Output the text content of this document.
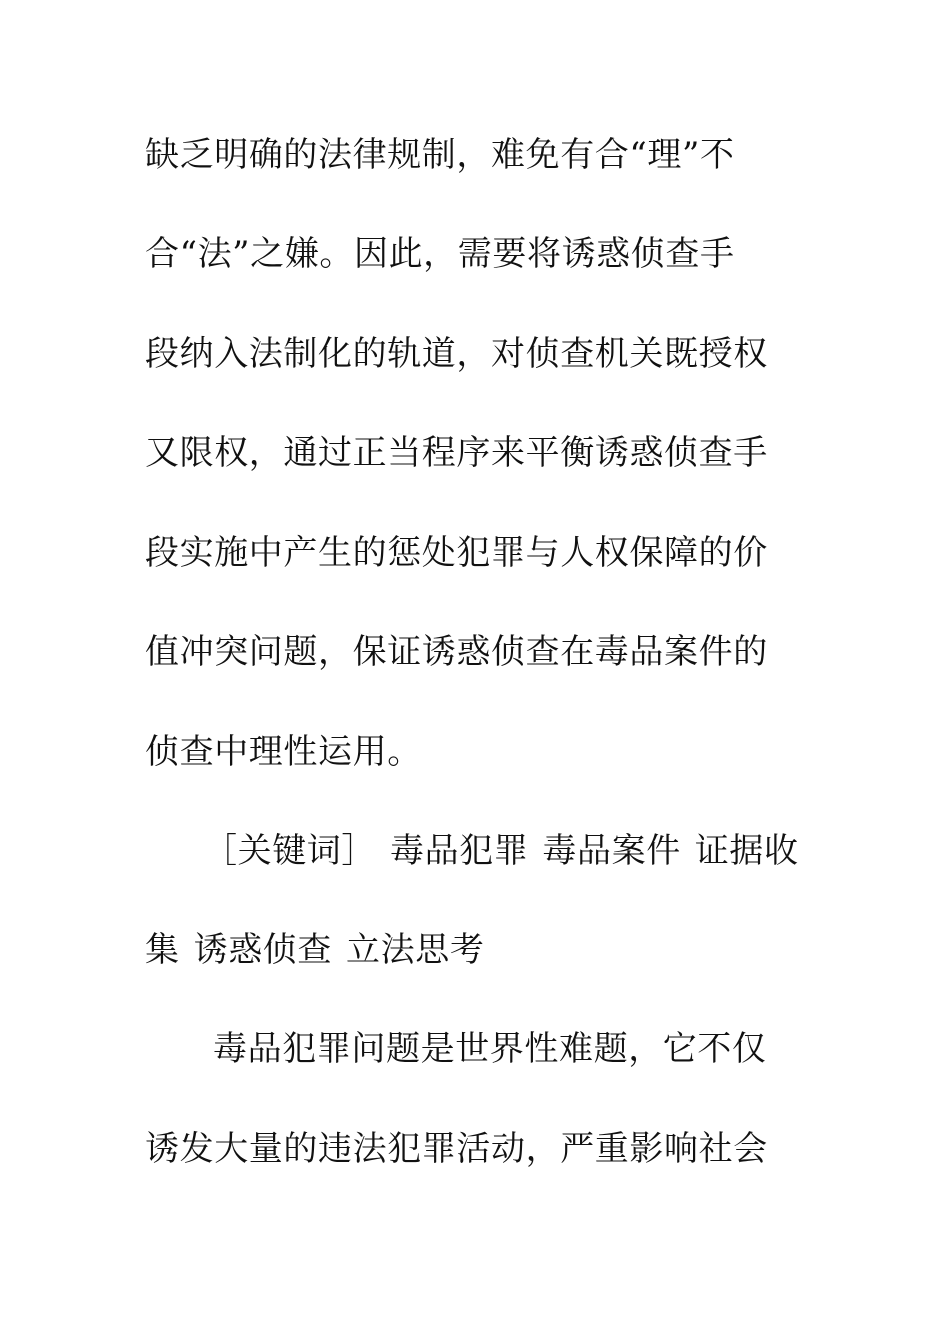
缺乏明确的法律规制，难免有合“理”不
合“法”之嫌。因此，需要将诱惑侦查手
段纳入法制化的轨道，对侦查机关既授权
又限权，通过正当程序来平衡诱惑侦查手
段实施中产生的惩处犯罪与人权保障的价
值冲突问题，保证诱惑侦查在毒品案件的
侦查中理性运用。
［关键词］ 毒品犯罪 毒品案件 证据收
集 诱惑侦查 立法思考
毒品犯罪问题是世界性难题，它不仅
诱发大量的违法犯罪活动，严重影响社会
